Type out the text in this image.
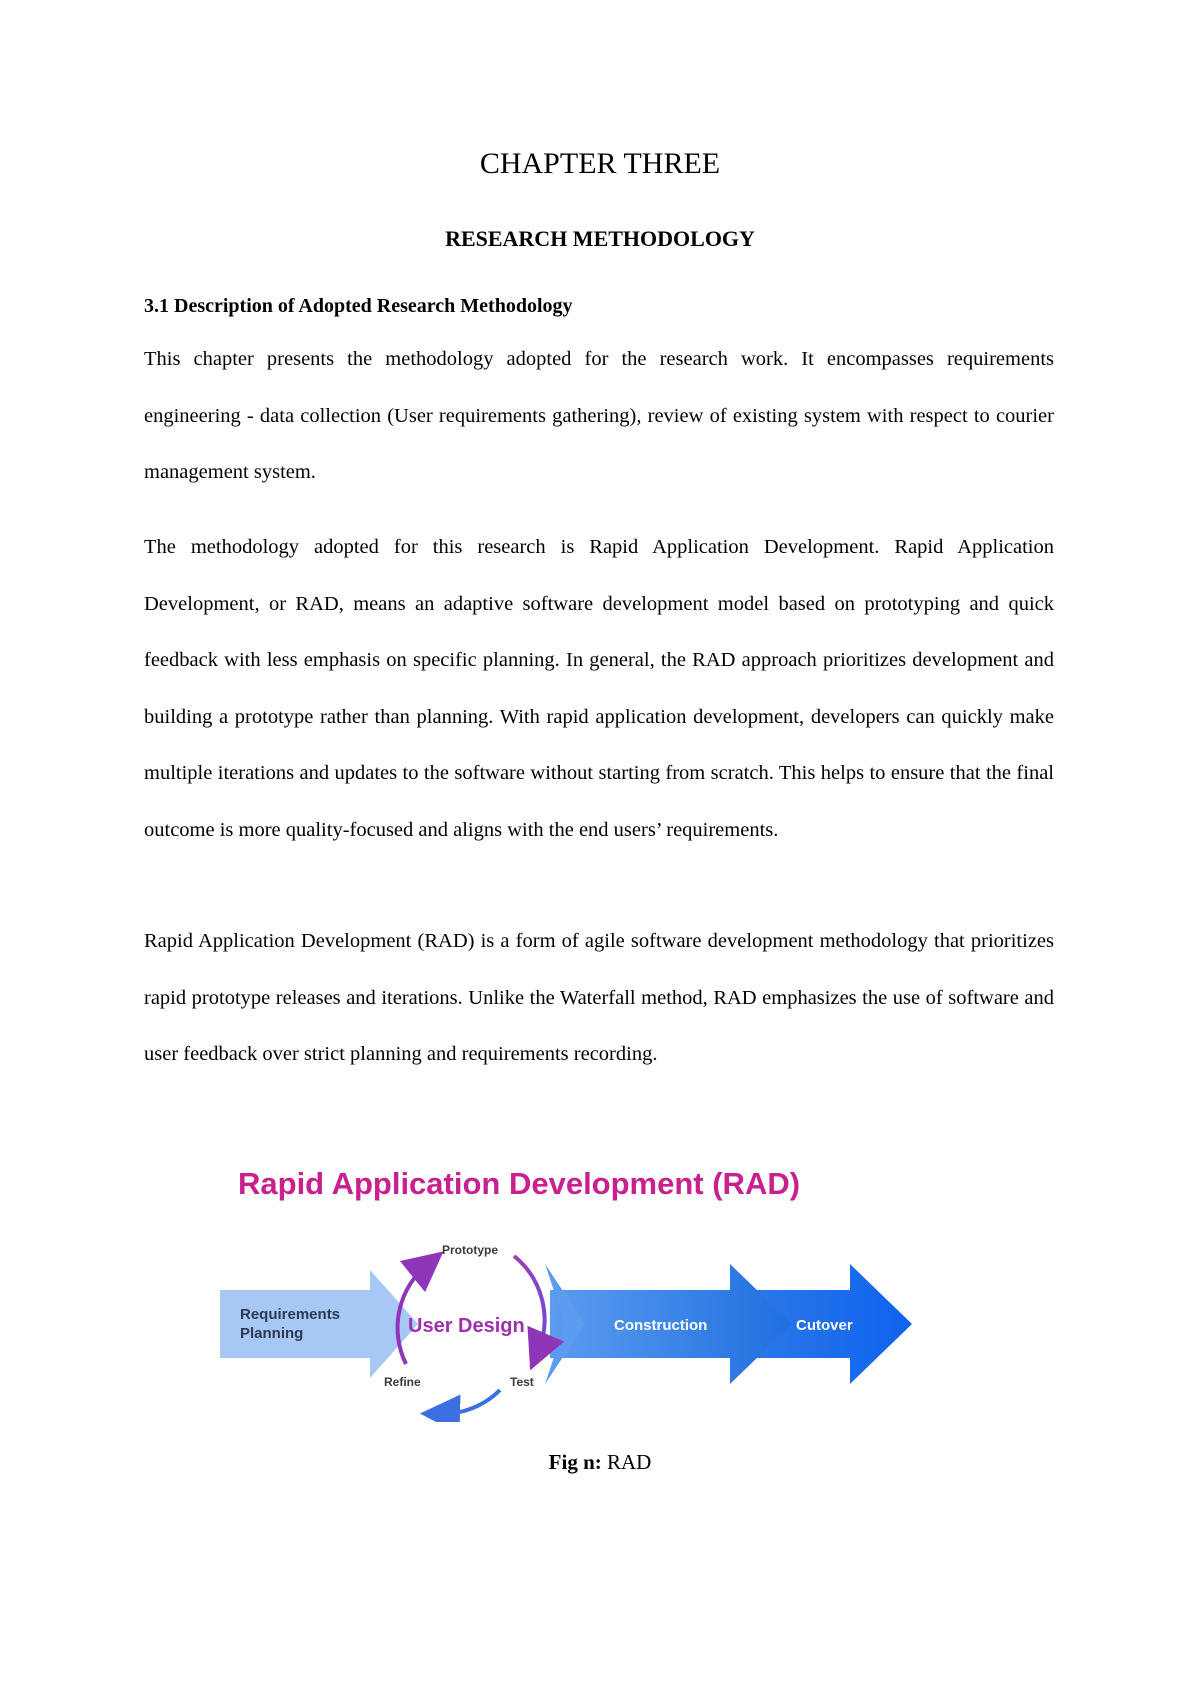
CHAPTER THREE
RESEARCH METHODOLOGY
3.1 Description of Adopted Research Methodology

This chapter presents the methodology adopted for the research work. It encompasses requirements engineering - data collection (User requirements gathering), review of existing system with respect to courier management system.

The methodology adopted for this research is Rapid Application Development. Rapid Application Development, or RAD, means an adaptive software development model based on prototyping and quick feedback with less emphasis on specific planning. In general, the RAD approach prioritizes development and building a prototype rather than planning. With rapid application development, developers can quickly make multiple iterations and updates to the software without starting from scratch. This helps to ensure that the final outcome is more quality-focused and aligns with the end users’ requirements.

Rapid Application Development (RAD) is a form of agile software development methodology that prioritizes rapid prototype releases and iterations. Unlike the Waterfall method, RAD emphasizes the use of software and user feedback over strict planning and requirements recording.

Rapid Application Development (RAD)
Requirements
Planning	Construction	Cutover
User Design
Prototype
Test
Refine
Fig n: RAD
